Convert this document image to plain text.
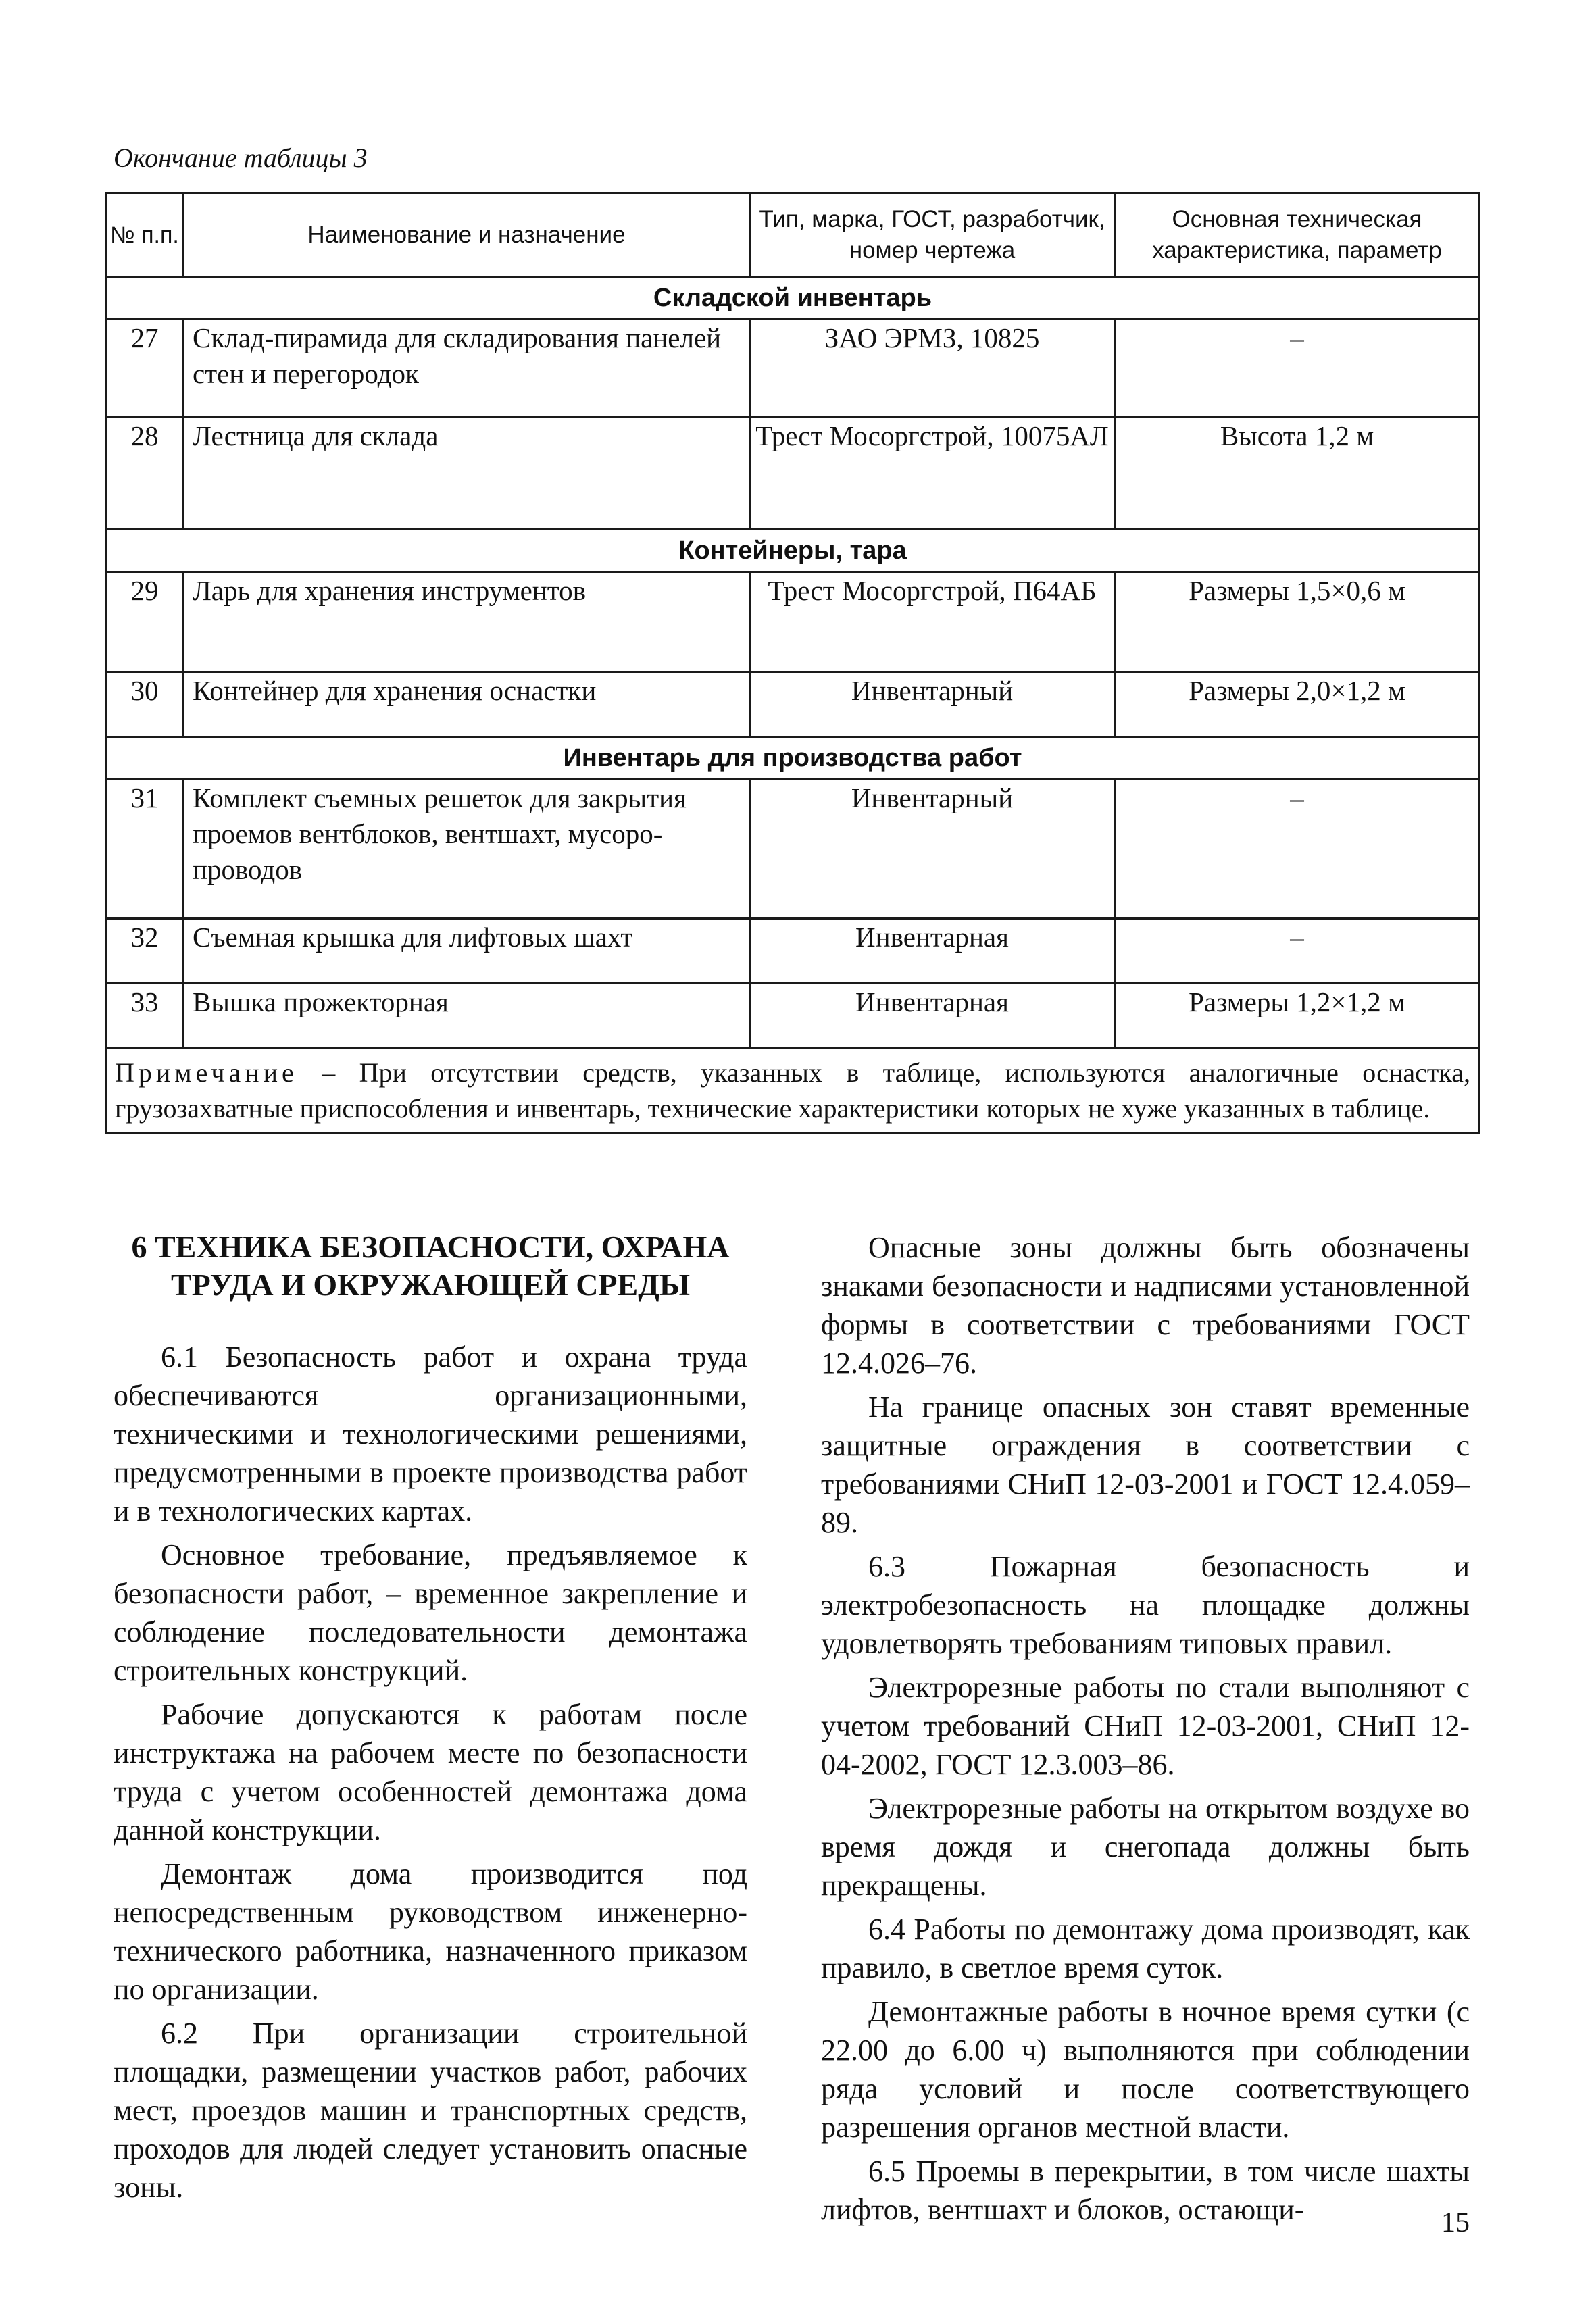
Окончание таблицы 3
№ п.п.	Наименование и назначение	Тип, марка, ГОСТ, разработчик, номер чертежа	Основная техническая характеристика, параметр
Складской инвентарь			
27	Склад-пирамида для складирования панелей стен и перегородок	ЗАО ЭРМЗ, 10825	–
28	Лестница для склада	Трест Мосоргстрой, 10075АЛ	Высота 1,2 м
Контейнеры, тара			
29	Ларь для хранения инструментов	Трест Мосоргстрой, П64АБ	Размеры 1,5×0,6 м
30	Контейнер для хранения оснастки	Инвентарный	Размеры 2,0×1,2 м
Инвентарь для производства работ			
31	Комплект съемных решеток для закрытия проемов вентблоков, вентшахт, мусоропроводов	Инвентарный	–
32	Съемная крышка для лифтовых шахт	Инвентарная	–
33	Вышка прожекторная	Инвентарная	Размеры 1,2×1,2 м
Примечание – При отсутствии средств, указанных в таблице, используются аналогичные оснастка, грузозахватные приспособления и инвентарь, технические характеристики которых не хуже указанных в таблице.			
6 ТЕХНИКА БЕЗОПАСНОСТИ, ОХРАНА ТРУДА И ОКРУЖАЮЩЕЙ СРЕДЫ

6.1 Безопасность работ и охрана труда обеспечиваются организационными, техническими и технологическими решениями, предусмотренными в проекте производства работ и в технологических картах.

Основное требование, предъявляемое к безопасности работ, – временное закрепление и соблюдение последовательности демонтажа строительных конструкций.

Рабочие допускаются к работам после инструктажа на рабочем месте по безопасности труда с учетом особенностей демонтажа дома данной конструкции.

Демонтаж дома производится под непосредственным руководством инженерно-технического работника, назначенного приказом по организации.

6.2 При организации строительной площадки, размещении участков работ, рабочих мест, проездов машин и транспортных средств, проходов для людей следует установить опасные зоны.

Опасные зоны должны быть обозначены знаками безопасности и надписями установленной формы в соответствии с требованиями ГОСТ 12.4.026–76.

На границе опасных зон ставят временные защитные ограждения в соответствии с требованиями СНиП 12-03-2001 и ГОСТ 12.4.059–89.

6.3 Пожарная безопасность и электробезопасность на площадке должны удовлетворять требованиям типовых правил.

Электрорезные работы по стали выполняют с учетом требований СНиП 12-03-2001, СНиП 12-04-2002, ГОСТ 12.3.003–86.

Электрорезные работы на открытом воздухе во время дождя и снегопада должны быть прекращены.

6.4 Работы по демонтажу дома производят, как правило, в светлое время суток.

Демонтажные работы в ночное время сутки (с 22.00 до 6.00 ч) выполняются при соблюдении ряда условий и после соответствующего разрешения органов местной власти.

6.5 Проемы в перекрытии, в том числе шахты лифтов, вентшахт и блоков, остающи-	15
